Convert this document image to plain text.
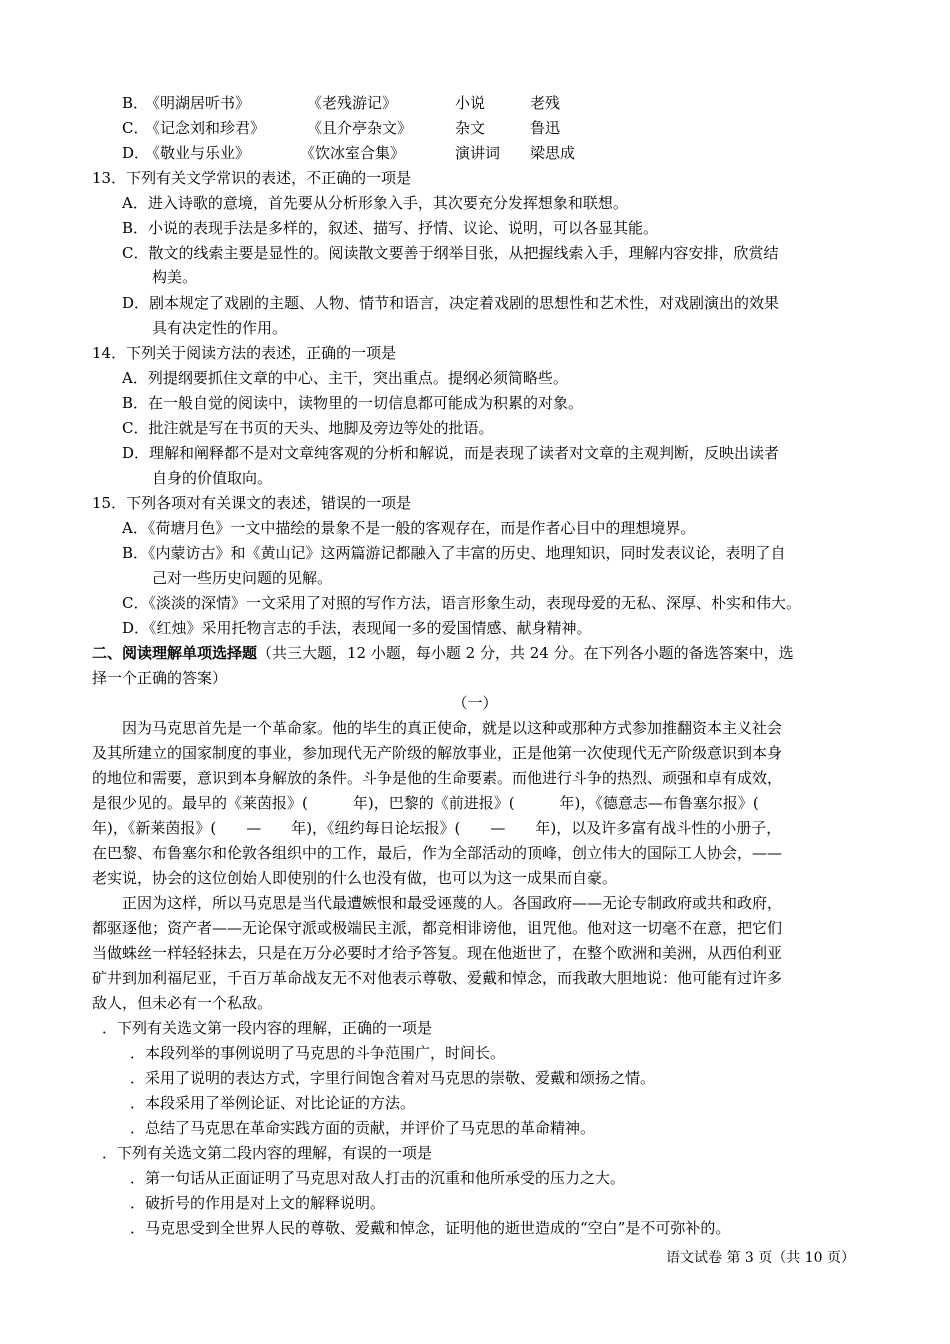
B．
《明湖居听书》	《老残游记》	小说	老残
C．
《记念刘和珍君》	《且介亭杂文》	杂文	鲁迅
D．
《敬业与乐业》	《饮冰室合集》	演讲词 梁思成
13．下列有关文学常识的表述，不正确的一项是
A．进入诗歌的意境，首先要从分析形象入手，其次要充分发挥想象和联想。
B．小说的表现手法是多样的，叙述、描写、抒情、议论、说明，可以各显其能。
C．散文的线索主要是显性的。阅读散文要善于纲举目张，从把握线索入手，理解内容安排，欣赏结
构美。
D．剧本规定了戏剧的主题、人物、情节和语言，决定着戏剧的思想性和艺术性，对戏剧演出的效果
具有决定性的作用。
14．下列关于阅读方法的表述，正确的一项是
A．列提纲要抓住文章的中心、主干，突出重点。提纲必须简略些。
B．在一般自觉的阅读中，读物里的一切信息都可能成为积累的对象。
C．批注就是写在书页的天头、地脚及旁边等处的批语。
D．理解和阐释都不是对文章纯客观的分析和解说，而是表现了读者对文章的主观判断，反映出读者
自身的价值取向。
15．下列各项对有关课文的表述，错误的一项是
A．《荷塘月色》一文中描绘的景象不是一般的客观存在，而是作者心目中的理想境界。
B．《内蒙访古》和《黄山记》这两篇游记都融入了丰富的历史、地理知识，同时发表议论，表明了自
己对一些历史问题的见解。
C．《淡淡的深情》一文采用了对照的写作方法，语言形象生动，表现母爱的无私、深厚、朴实和伟大。
D．《红烛》采用托物言志的手法，表现闻一多的爱国情感、献身精神。
二、阅读理解单项选择题（共三大题，12 小题，每小题 2 分，共 24 分。在下列各小题的备选答案中，选
择一个正确的答案）
（一）
因为马克思首先是一个革命家。他的毕生的真正使命，就是以这种或那种方式参加推翻资本主义社会
及其所建立的国家制度的事业，参加现代无产阶级的解放事业，正是他第一次使现代无产阶级意识到本身
的地位和需要，意识到本身解放的条件。斗争是他的生命要素。而他进行斗争的热烈、顽强和卓有成效，
是很少见的。最早的《莱茵报》(　　　年)，巴黎的《前进报》(　　　年)，《德意志—布鲁塞尔报》(
年)，《新莱茵报》(　　—　　年)，《纽约每日论坛报》(　　—　　年)，以及许多富有战斗性的小册子，
在巴黎、布鲁塞尔和伦敦各组织中的工作，最后，作为全部活动的顶峰，创立伟大的国际工人协会，——
老实说，协会的这位创始人即使别的什么也没有做，也可以为这一成果而自豪。
正因为这样，所以马克思是当代最遭嫉恨和最受诬蔑的人。各国政府——无论专制政府或共和政府，
都驱逐他；资产者——无论保守派或极端民主派，都竞相诽谤他，诅咒他。他对这一切毫不在意，把它们
当做蛛丝一样轻轻抹去，只是在万分必要时才给予答复。现在他逝世了，在整个欧洲和美洲，从西伯利亚
矿井到加利福尼亚，千百万革命战友无不对他表示尊敬、爱戴和悼念，而我敢大胆地说：他可能有过许多
敌人，但未必有一个私敌。
．下列有关选文第一段内容的理解，正确的一项是
．本段列举的事例说明了马克思的斗争范围广，时间长。
．采用了说明的表达方式，字里行间饱含着对马克思的崇敬、爱戴和颂扬之情。
．本段采用了举例论证、对比论证的方法。
．总结了马克思在革命实践方面的贡献，并评价了马克思的革命精神。
．下列有关选文第二段内容的理解，有误的一项是
．第一句话从正面证明了马克思对敌人打击的沉重和他所承受的压力之大。
．破折号的作用是对上文的解释说明。
．马克思受到全世界人民的尊敬、爱戴和悼念，证明他的逝世造成的“空白”是不可弥补的。
语文试卷 第 3 页（共 10 页）
